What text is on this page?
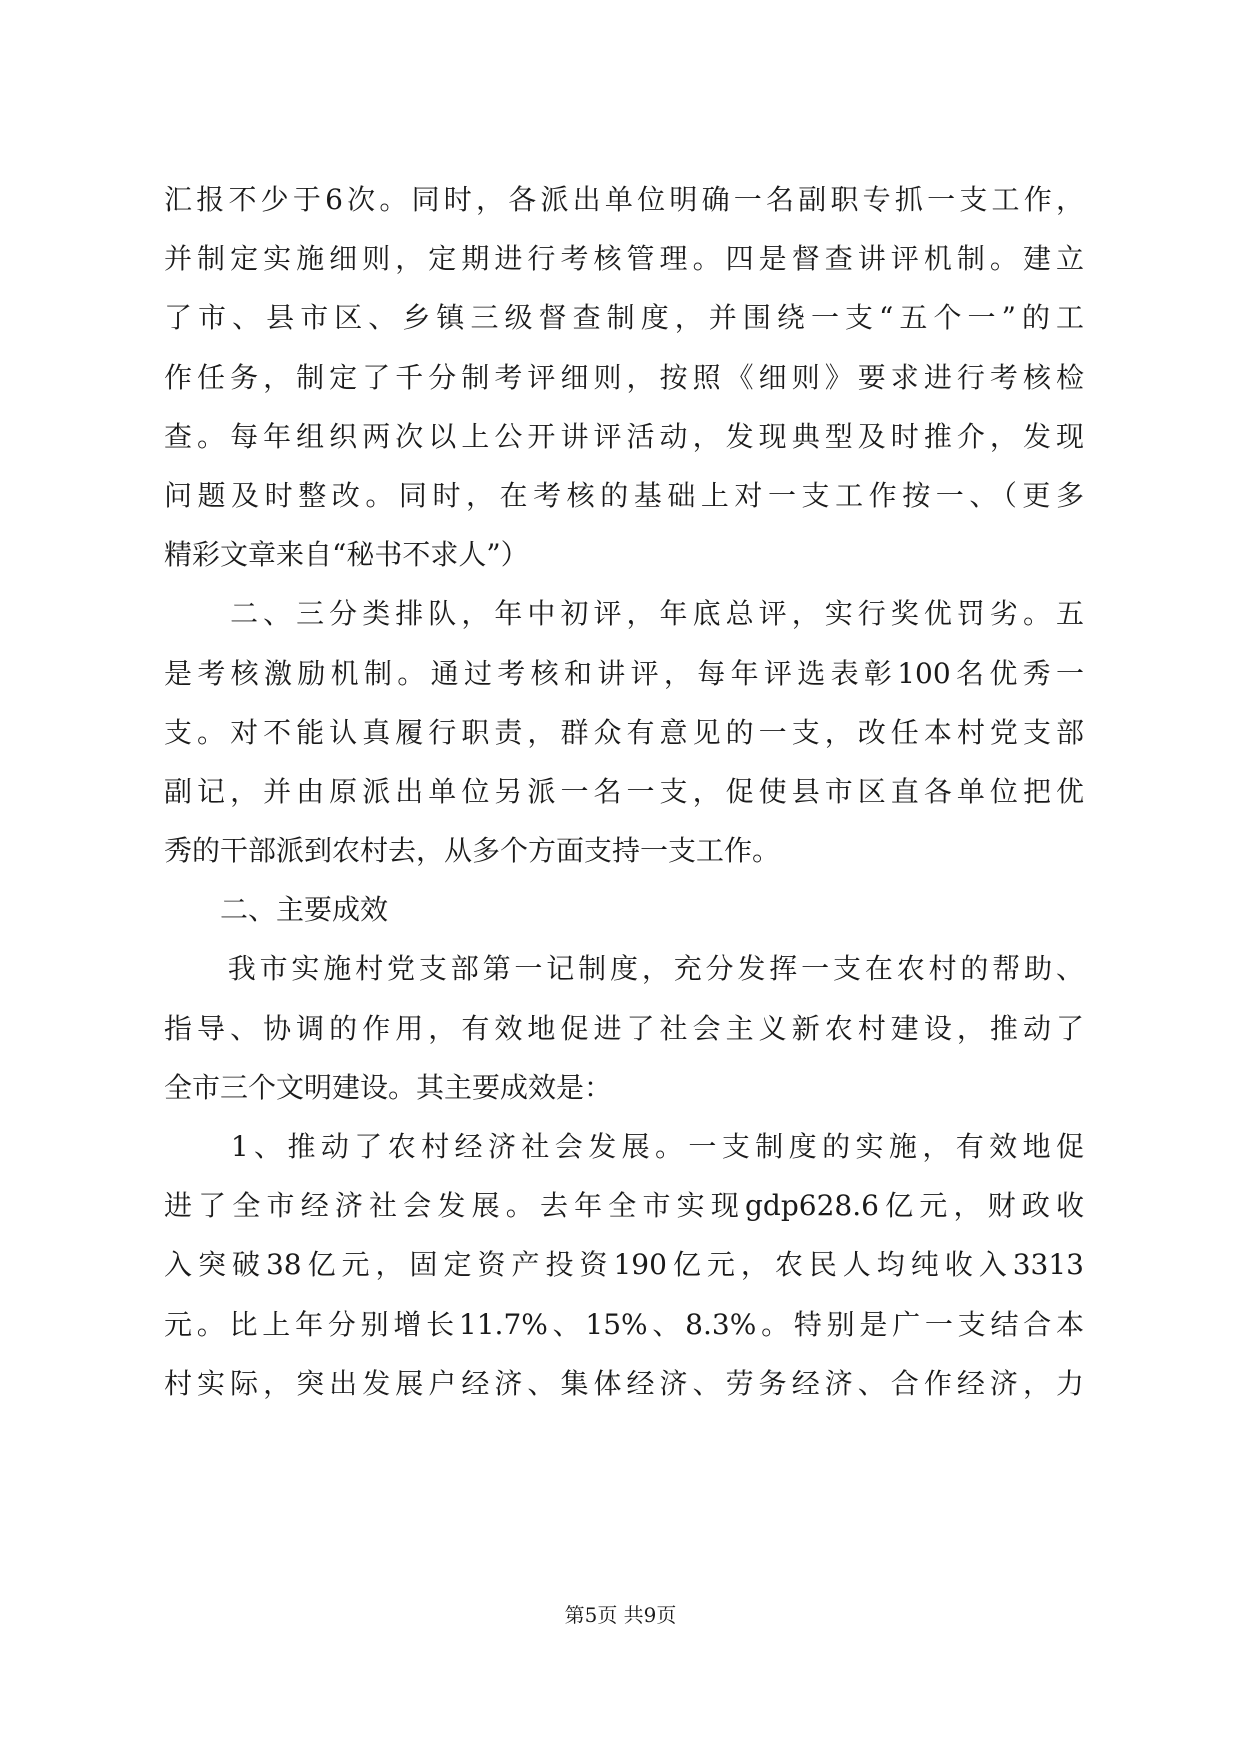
汇报不少于6次。同时，各派出单位明确一名副职专抓一支工作，
并制定实施细则，定期进行考核管理。四是督查讲评机制。建立
了市、县市区、乡镇三级督查制度，并围绕一支“五个一”的工
作任务，制定了千分制考评细则，按照《细则》要求进行考核检
查。每年组织两次以上公开讲评活动，发现典型及时推介，发现
问题及时整改。同时，在考核的基础上对一支工作按一、（更多
精彩文章来自“秘书不求人”）
　　二、三分类排队，年中初评，年底总评，实行奖优罚劣。五
是考核激励机制。通过考核和讲评，每年评选表彰100名优秀一
支。对不能认真履行职责，群众有意见的一支，改任本村党支部
副记，并由原派出单位另派一名一支，促使县市区直各单位把优
秀的干部派到农村去，从多个方面支持一支工作。
　　二、主要成效
　　我市实施村党支部第一记制度，充分发挥一支在农村的帮助、
指导、协调的作用，有效地促进了社会主义新农村建设，推动了
全市三个文明建设。其主要成效是：
　　1、推动了农村经济社会发展。一支制度的实施，有效地促
进了全市经济社会发展。去年全市实现gdp628.6亿元，财政收
入突破38亿元，固定资产投资190亿元，农民人均纯收入3313
元。比上年分别增长11.7%、15%、8.3%。特别是广一支结合本
村实际，突出发展户经济、集体经济、劳务经济、合作经济，力
第5页 共9页
